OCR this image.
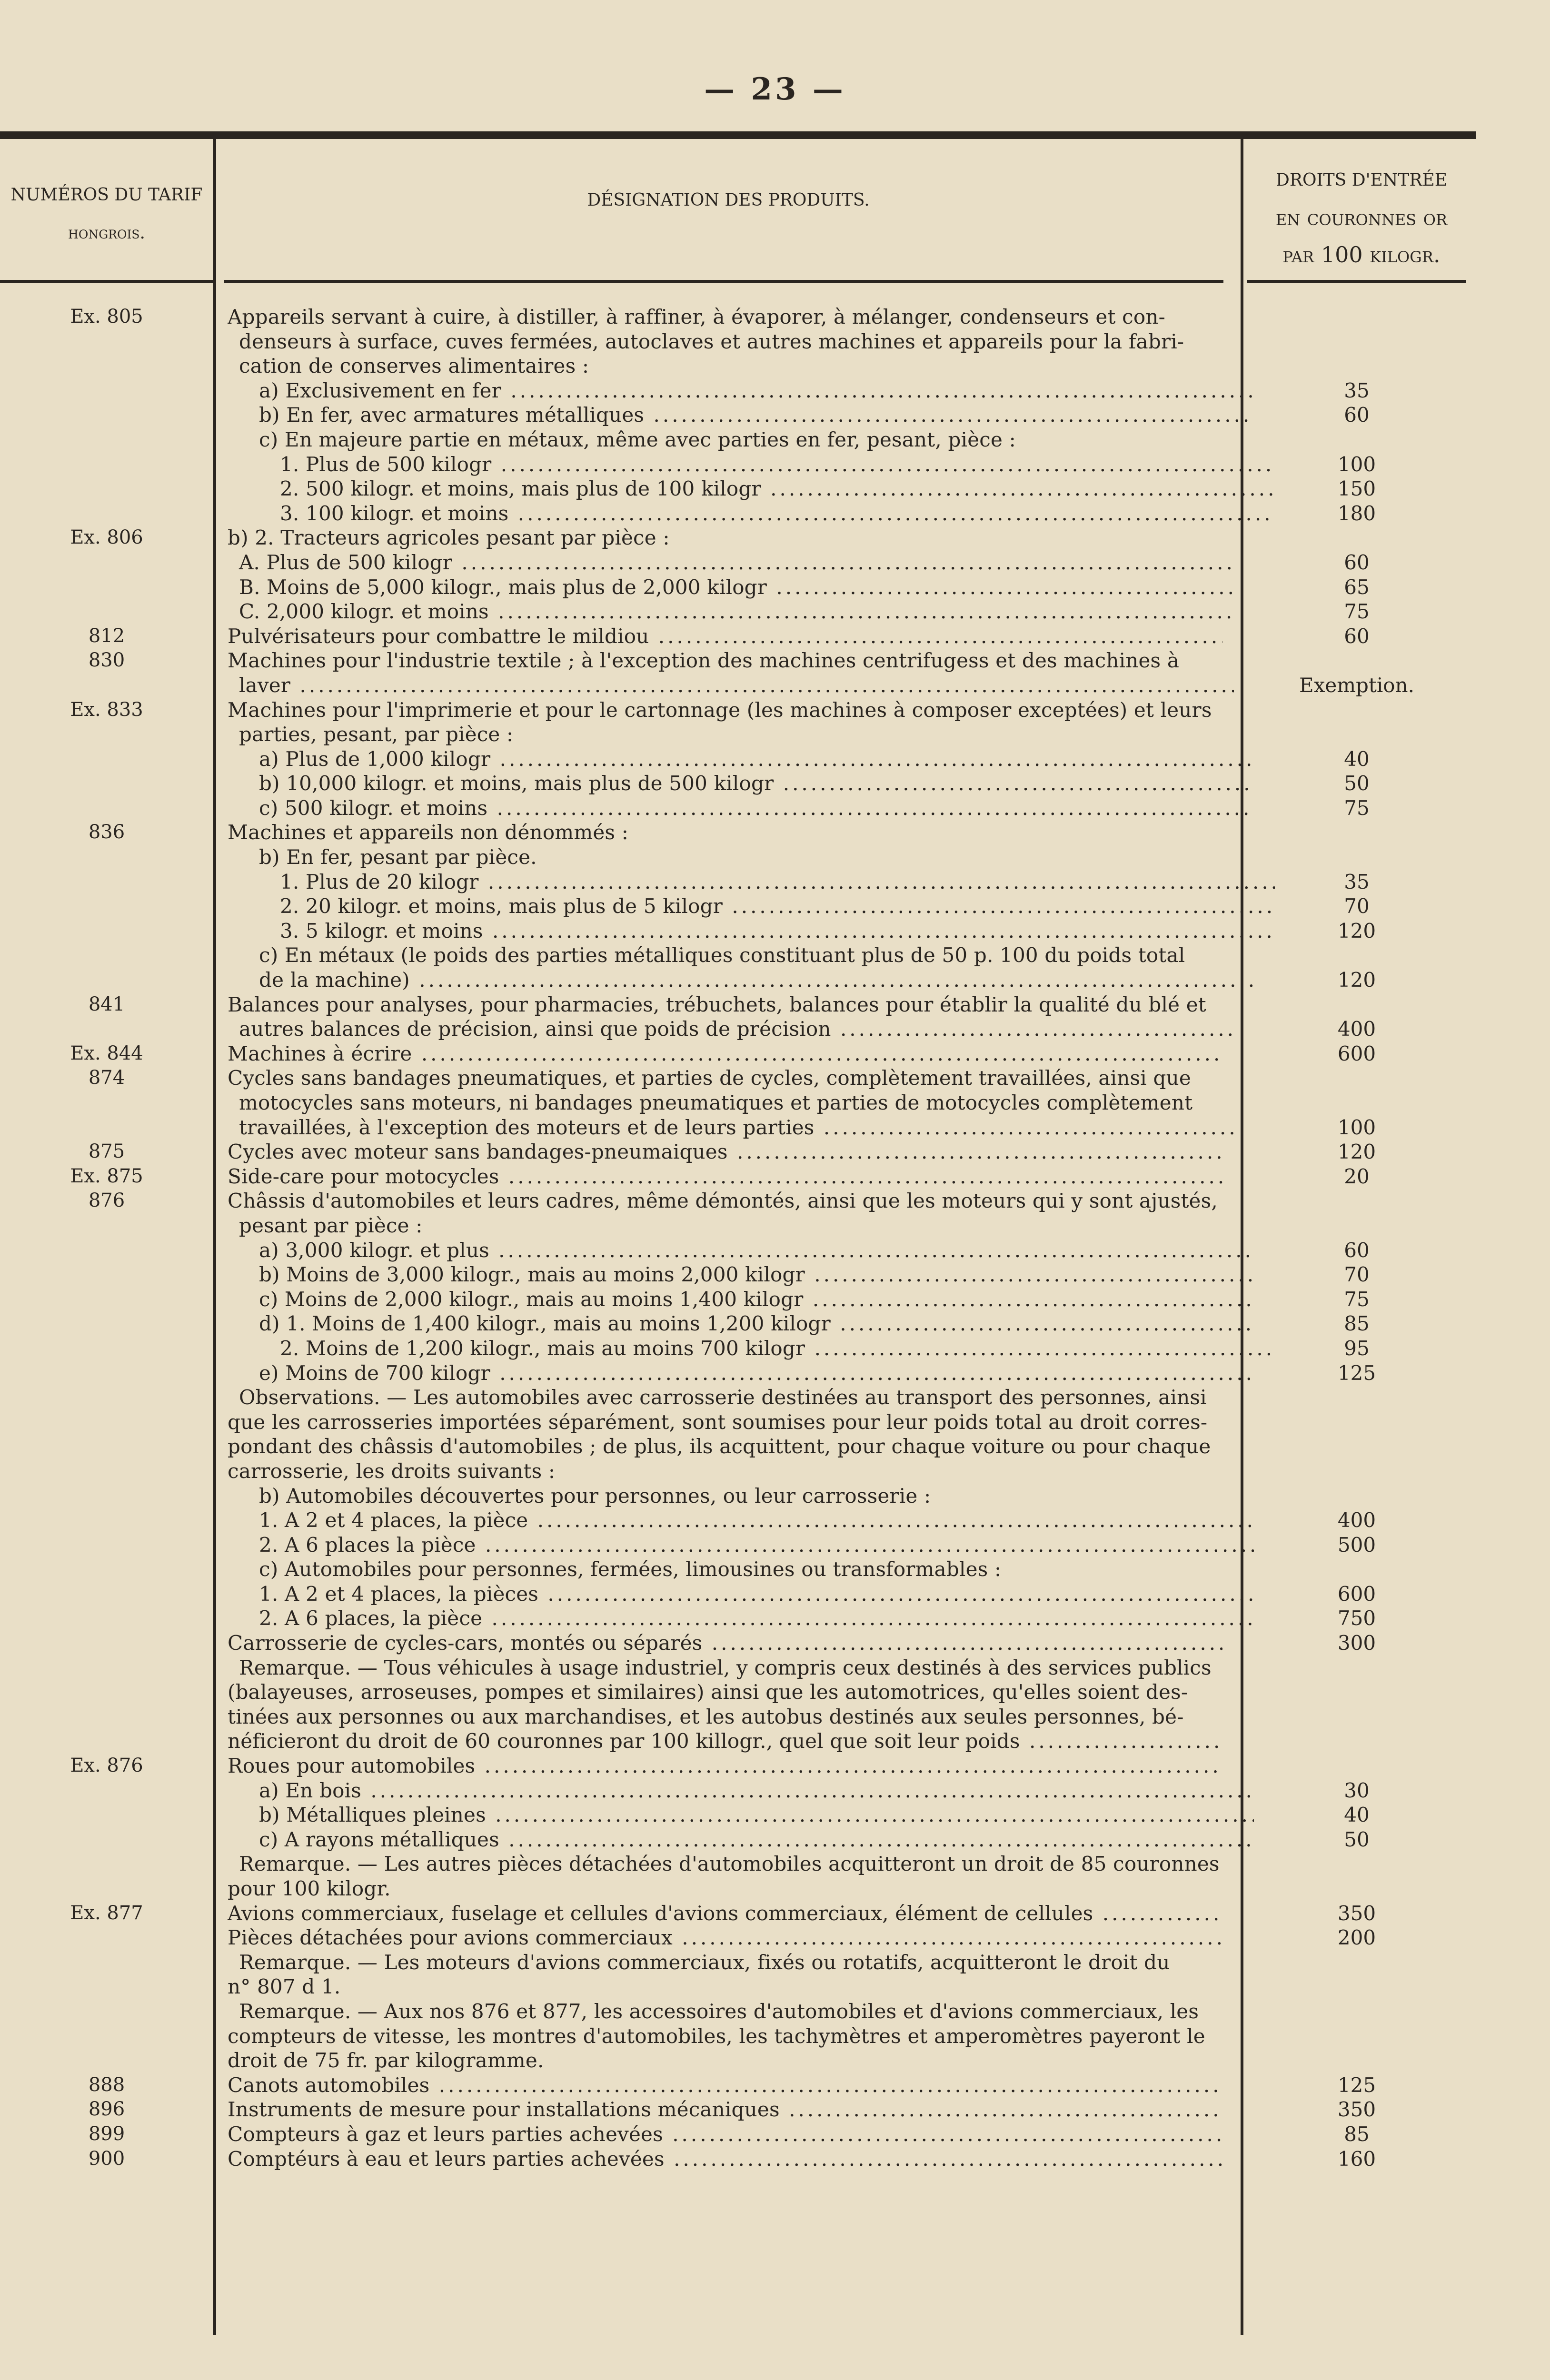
— 23 —
NUMÉROS DU TARIF
hongrois.
DÉSIGNATION DES PRODUITS.
DROITS D'ENTRÉE
en couronnes or
par 100 kilogr.
Ex. 805	Appareils servant à cuire, à distiller, à raffiner, à évaporer, à mélanger, condenseurs et con-
denseurs à surface, cuves fermées, autoclaves et autres machines et appareils pour la fabri-
cation de conserves alimentaires :
a) Exclusivement en fer .....	35
b) En fer, avec armatures métalliques .....	60
c) En majeure partie en métaux, même avec parties en fer, pesant, pièce :
1. Plus de 500 kilogr .....	100
2. 500 kilogr. et moins, mais plus de 100 kilogr .....	150
3. 100 kilogr. et moins .....	180
Ex. 806	b) 2. Tracteurs agricoles pesant par pièce :
A. Plus de 500 kilogr .....	60
B. Moins de 5,000 kilogr., mais plus de 2,000 kilogr .....	65
C. 2,000 kilogr. et moins .....	75
812	Pulvérisateurs pour combattre le mildiou .....	60
830	Machines pour l'industrie textile ; à l'exception des machines centrifugess et des machines à
laver .....	Exemption.
Ex. 833	Machines pour l'imprimerie et pour le cartonnage (les machines à composer exceptées) et leurs
parties, pesant, par pièce :
a) Plus de 1,000 kilogr .....	40
b) 10,000 kilogr. et moins, mais plus de 500 kilogr .....	50
c) 500 kilogr. et moins .....	75
836	Machines et appareils non dénommés :
b) En fer, pesant par pièce.
1. Plus de 20 kilogr .....	35
2. 20 kilogr. et moins, mais plus de 5 kilogr .....	70
3. 5 kilogr. et moins .....	120
c) En métaux (le poids des parties métalliques constituant plus de 50 p. 100 du poids total
de la machine) .....	120
841	Balances pour analyses, pour pharmacies, trébuchets, balances pour établir la qualité du blé et
autres balances de précision, ainsi que poids de précision .....	400
Ex. 844	Machines à écrire .....	600
874	Cycles sans bandages pneumatiques, et parties de cycles, complètement travaillées, ainsi que
motocycles sans moteurs, ni bandages pneumatiques et parties de motocycles complètement
travaillées, à l'exception des moteurs et de leurs parties .....	100
875	Cycles avec moteur sans bandages-pneumaiques .....	120
Ex. 875	Side-care pour motocycles .....	20
876	Châssis d'automobiles et leurs cadres, même démontés, ainsi que les moteurs qui y sont ajustés,
pesant par pièce :
a) 3,000 kilogr. et plus .....	60
b) Moins de 3,000 kilogr., mais au moins 2,000 kilogr .....	70
c) Moins de 2,000 kilogr., mais au moins 1,400 kilogr .....	75
d) 1. Moins de 1,400 kilogr., mais au moins 1,200 kilogr .....	85
2. Moins de 1,200 kilogr., mais au moins 700 kilogr .....	95
e) Moins de 700 kilogr .....	125
Observations. — Les automobiles avec carrosserie destinées au transport des personnes, ainsi
que les carrosseries importées séparément, sont soumises pour leur poids total au droit corres-
pondant des châssis d'automobiles ; de plus, ils acquittent, pour chaque voiture ou pour chaque
carrosserie, les droits suivants :
b) Automobiles découvertes pour personnes, ou leur carrosserie :
1. A 2 et 4 places, la pièce .....	400
2. A 6 places la pièce .....	500
c) Automobiles pour personnes, fermées, limousines ou transformables :
1. A 2 et 4 places, la pièces .....	600
2. A 6 places, la pièce .....	750
Carrosserie de cycles-cars, montés ou séparés .....	300
Remarque. — Tous véhicules à usage industriel, y compris ceux destinés à des services publics
(balayeuses, arroseuses, pompes et similaires) ainsi que les automotrices, qu'elles soient des-
tinées aux personnes ou aux marchandises, et les autobus destinés aux seules personnes, bé-
néficieront du droit de 60 couronnes par 100 killogr., quel que soit leur poids .....
Ex. 876	Roues pour automobiles .....
a) En bois .....	30
b) Métalliques pleines .....	40
c) A rayons métalliques .....	50
Remarque. — Les autres pièces détachées d'automobiles acquitteront un droit de 85 couronnes
pour 100 kilogr.
Ex. 877	Avions commerciaux, fuselage et cellules d'avions commerciaux, élément de cellules .....	350
Pièces détachées pour avions commerciaux .....	200
Remarque. — Les moteurs d'avions commerciaux, fixés ou rotatifs, acquitteront le droit du
n° 807 d 1.
Remarque. — Aux nos 876 et 877, les accessoires d'automobiles et d'avions commerciaux, les
compteurs de vitesse, les montres d'automobiles, les tachymètres et amperomètres payeront le
droit de 75 fr. par kilogramme.
888	Canots automobiles .....	125
896	Instruments de mesure pour installations mécaniques .....	350
899	Compteurs à gaz et leurs parties achevées .....	85
900	Comptéurs à eau et leurs parties achevées .....	160
